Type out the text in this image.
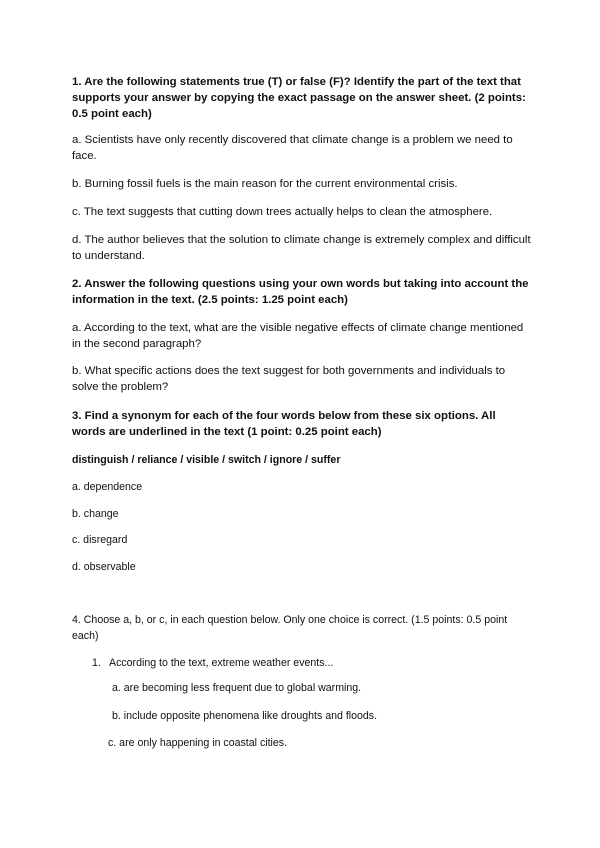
1. Are the following statements true (T) or false (F)? Identify the part of the text that supports your answer by copying the exact passage on the answer sheet. (2 points: 0.5 point each)

a. Scientists have only recently discovered that climate change is a problem we need to face.

b. Burning fossil fuels is the main reason for the current environmental crisis.

c. The text suggests that cutting down trees actually helps to clean the atmosphere.

d. The author believes that the solution to climate change is extremely complex and difficult to understand.

2. Answer the following questions using your own words but taking into account the information in the text. (2.5 points: 1.25 point each)

a. According to the text, what are the visible negative effects of climate change mentioned in the second paragraph?

b. What specific actions does the text suggest for both governments and individuals to solve the problem?

3. Find a synonym for each of the four words below from these six options. All words are underlined in the text (1 point: 0.25 point each)

distinguish / reliance / visible / switch / ignore / suffer

a. dependence

b. change

c. disregard

d. observable

4. Choose a, b, or c, in each question below. Only one choice is correct. (1.5 points: 0.5 point each)

1. According to the text, extreme weather events...

a. are becoming less frequent due to global warming.

b. include opposite phenomena like droughts and floods.

c. are only happening in coastal cities.
